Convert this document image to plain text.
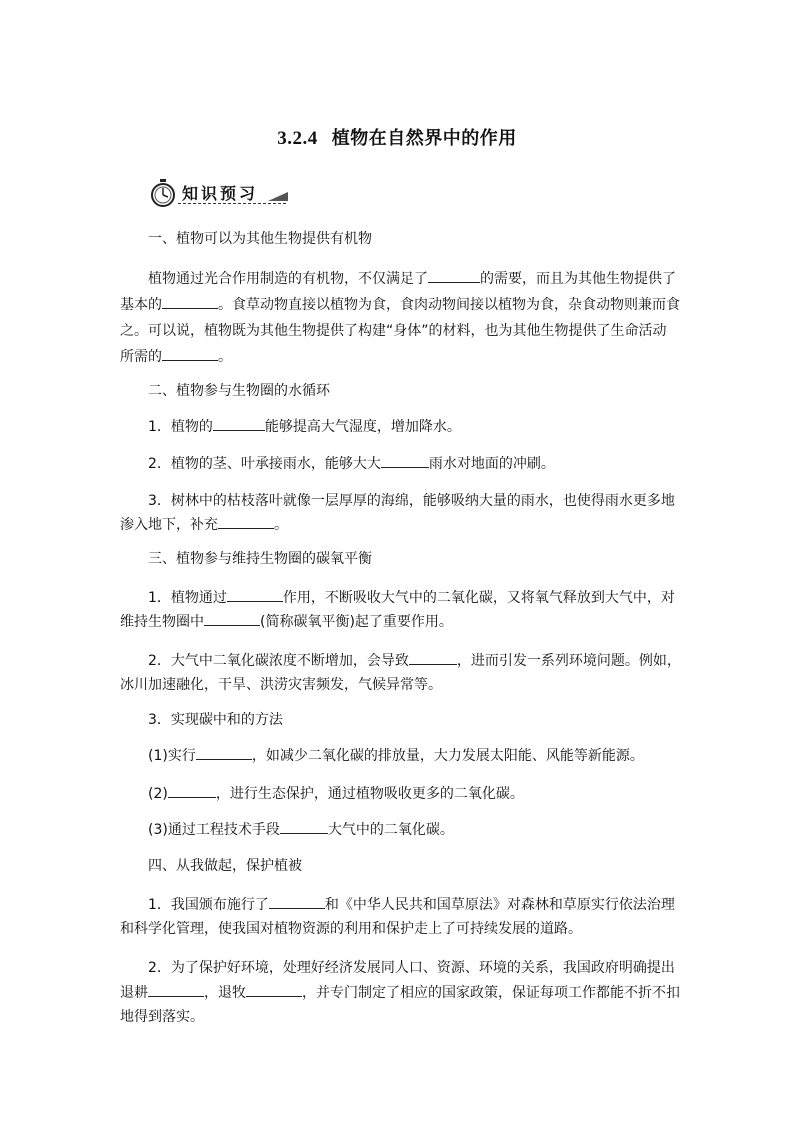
3.2.4 植物在自然界中的作用
知识预习

一、植物可以为其他生物提供有机物

植物通过光合作用制造的有机物，不仅满足了	的需要，而且为其他生物提供了

基本的	。食草动物直接以植物为食，食肉动物间接以植物为食，杂食动物则兼而食

之。可以说，植物既为其他生物提供了构建“身体”的材料，也为其他生物提供了生命活动

所需的	。

二、植物参与生物圈的水循环

1．植物的	能够提高大气湿度，增加降水。

2．植物的茎、叶承接雨水，能够大大	雨水对地面的冲刷。

3．树林中的枯枝落叶就像一层厚厚的海绵，能够吸纳大量的雨水，也使得雨水更多地

渗入地下，补充	。

三、植物参与维持生物圈的碳氧平衡

1．植物通过	作用，不断吸收大气中的二氧化碳，又将氧气释放到大气中，对

维持生物圈中	(简称碳氧平衡)起了重要作用。

2．大气中二氧化碳浓度不断增加，会导致	，进而引发一系列环境问题。例如，

冰川加速融化，干旱、洪涝灾害频发，气候异常等。

3．实现碳中和的方法

(1)实行	，如减少二氧化碳的排放量，大力发展太阳能、风能等新能源。

(2)	，进行生态保护，通过植物吸收更多的二氧化碳。

(3)通过工程技术手段	大气中的二氧化碳。

四、从我做起，保护植被

1．我国颁布施行了	和《中华人民共和国草原法》对森林和草原实行依法治理

和科学化管理，使我国对植物资源的利用和保护走上了可持续发展的道路。

2．为了保护好环境，处理好经济发展同人口、资源、环境的关系，我国政府明确提出

退耕	，退牧	，并专门制定了相应的国家政策，保证每项工作都能不折不扣

地得到落实。
